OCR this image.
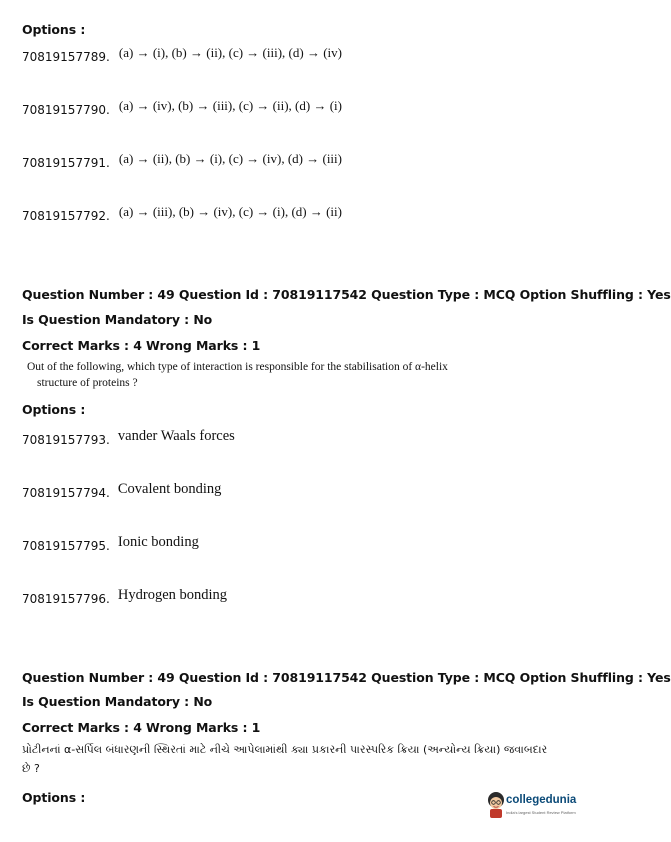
Options :
70819157789. $^{(a) \to (i), (b) \to (ii), (c) \to (iii), (d) \to (iv)}$
70819157790. $^{(a) \to (iv), (b) \to (iii), (c) \to (ii), (d) \to (i)}$
70819157791. $^{(a) \to (ii), (b) \to (i), (c) \to (iv), (d) \to (iii)}$
70819157792. $^{(a) \to (iii), (b) \to (iv), (c) \to (i), (d) \to (ii)}$
Question Number : 49 Question Id : 70819117542 Question Type : MCQ Option Shuffling : Yes
Is Question Mandatory : No
Correct Marks : 4 Wrong Marks : 1
Out of the following, which type of interaction is responsible for the stabilisation of α-helix
structure of proteins ?
Options :
70819157793. vander Waals forces
70819157794. Covalent bonding
70819157795. Ionic bonding
70819157796. Hydrogen bonding
Question Number : 49 Question Id : 70819117542 Question Type : MCQ Option Shuffling : Yes
Is Question Mandatory : No
Correct Marks : 4 Wrong Marks : 1
પ્રોટીનનાં α-સર્પિલ બંધારણની સ્થિરતાં માટે નીચે આપેલામાંથી ક્યા પ્રકારની પારસ્પરિક ક્રિયા (અન્યોન્ય ક્રિયા) જવાબદાર
છે ?
Options :	collegedunia
India's largest Student Review Platform
